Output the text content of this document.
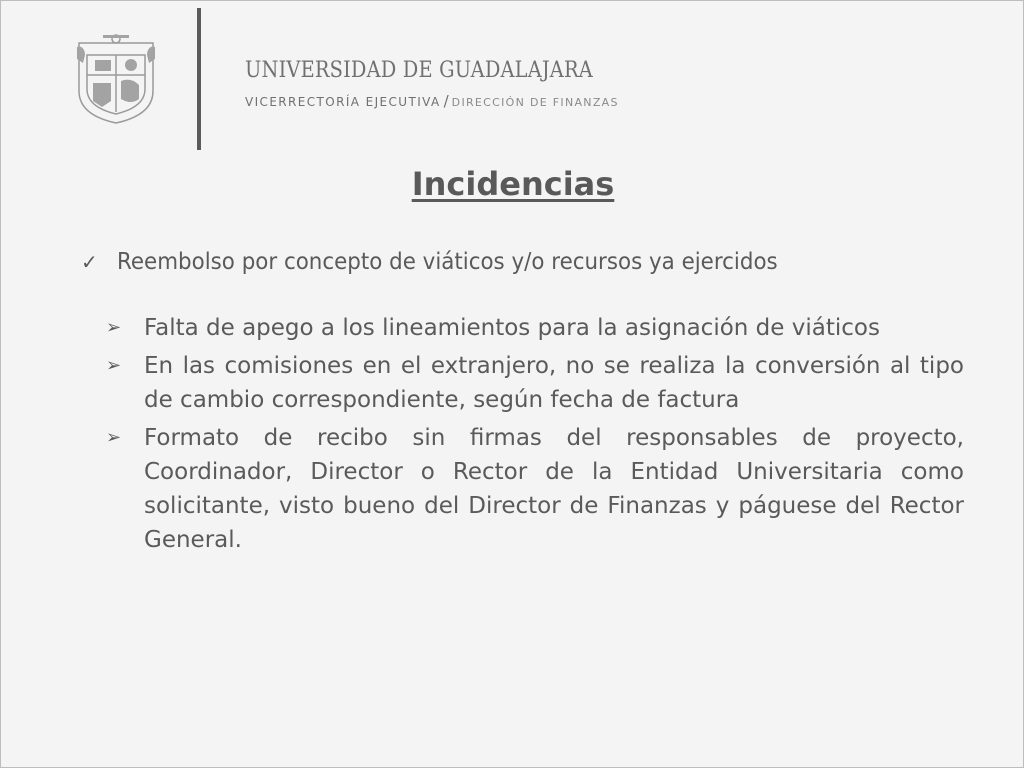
UNIVERSIDAD DE GUADALAJARA
VICERRECTORÍA EJECUTIVA / DIRECCIÓN DE FINANZAS
Incidencias
✓ Reembolso por concepto de viáticos y/o recursos ya ejercidos
➢ Falta de apego a los lineamientos para la asignación de viáticos
➢ En las comisiones en el extranjero, no se realiza la conversión al tipo de cambio correspondiente, según fecha de factura
➢ Formato de recibo sin firmas del responsables de proyecto, Coordinador, Director o Rector de la Entidad Universitaria como solicitante, visto bueno del Director de Finanzas y páguese del Rector General.
